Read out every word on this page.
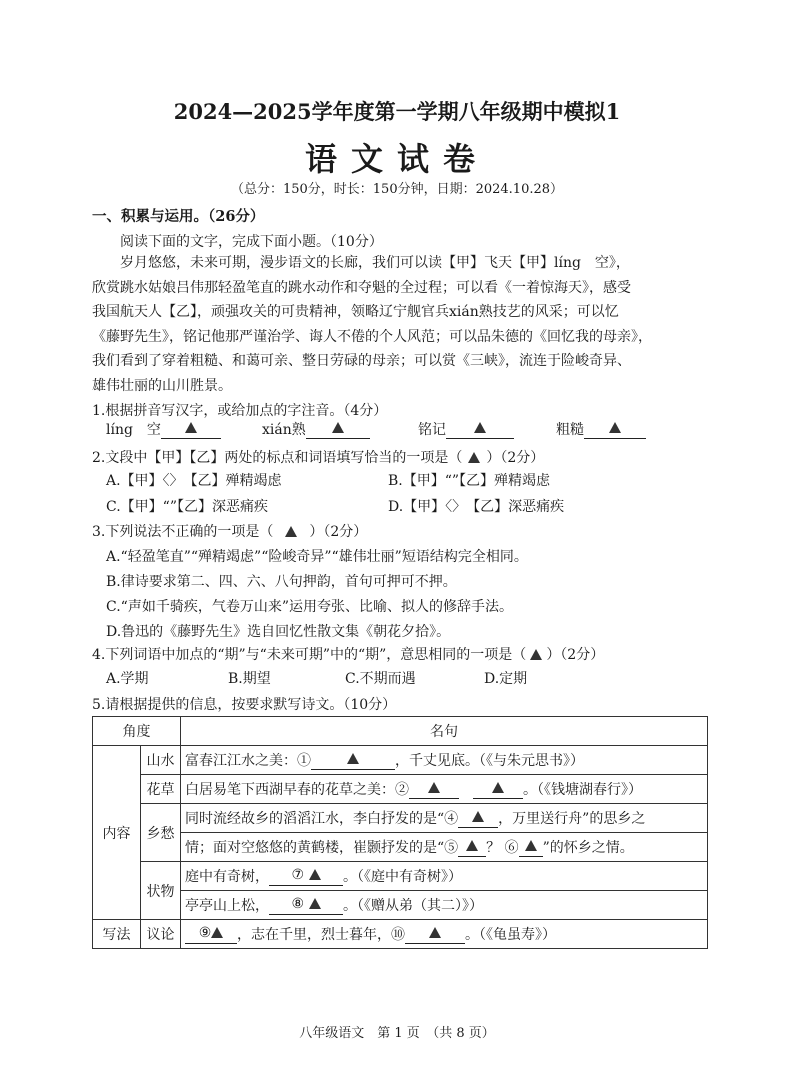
2024—2025学年度第一学期八年级期中模拟1
语文试卷
（总分：150分，时长：150分钟，日期：2024.10.28）
一、积累与运用。（26分）
阅读下面的文字，完成下面小题。（10分）
岁月悠悠，未来可期，漫步语文的长廊，我们可以读【甲】飞天【甲】líng　空》，
欣赏跳水姑娘吕伟那轻盈笔直的跳水动作和夺魁的全过程；可以看《一着惊海天》，感受
我国航天人【乙】，顽强攻关的可贵精神，领略辽宁舰官兵xián熟技艺的风采；可以忆
《藤野先生》，铭记他那严谨治学、诲人不倦的个人风范；可以品朱德的《回忆我的母亲》，
我们看到了穿着粗糙、和蔼可亲、整日劳碌的母亲；可以赏《三峡》，流连于险峻奇异、
雄伟壮丽的山川胜景。
1.根据拼音写汉字，或给加点的字注音。（4分）
líng　空	xián熟	铭记	粗糙
2.文段中【甲】【乙】两处的标点和词语填写恰当的一项是（ ）（2分）
A.【甲】〈〉　【乙】殚精竭虑	B.【甲】“”【乙】殚精竭虑
C.【甲】“”【乙】深恶痛疾	D.【甲】〈〉　【乙】深恶痛疾
3.下列说法不正确的一项是（	）（2分）
A.“轻盈笔直”“殚精竭虑”“险峻奇异”“雄伟壮丽”短语结构完全相同。
B.律诗要求第二、四、六、八句押韵，首句可押可不押。
C.“声如千骑疾，气卷万山来”运用夸张、比喻、拟人的修辞手法。
D.鲁迅的《藤野先生》选自回忆性散文集《朝花夕拾》。
4.下列词语中加点的“期”与“未来可期”中的“期”，意思相同的一项是（ ）（2分）
A.学期	B.期望	C.不期而遇	D.定期
5.请根据提供的信息，按要求默写诗文。（10分）
角度		名句
内容	山水	富春江江水之美：① ，千丈见底。（《与朱元思书》）
	花草	白居易笔下西湖早春的花草之美：②　 。（《钱塘湖春行》）
	乡愁	同时流经故乡的滔滔江水，李白抒发的是“④ ，万里送行舟”的思乡之
		情；面对空悠悠的黄鹤楼，崔颢抒发的是“⑤ ？ ⑥ ”的怀乡之情。
	状物	庭中有奇树， ⑦ 。（《庭中有奇树》）
		亭亭山上松， ⑧ 。（《赠从弟（其二）》）
写法	议论	⑨ ，志在千里，烈士暮年，⑩ 。（《龟虽寿》）
八年级语文　第 1 页　（共 8 页）
